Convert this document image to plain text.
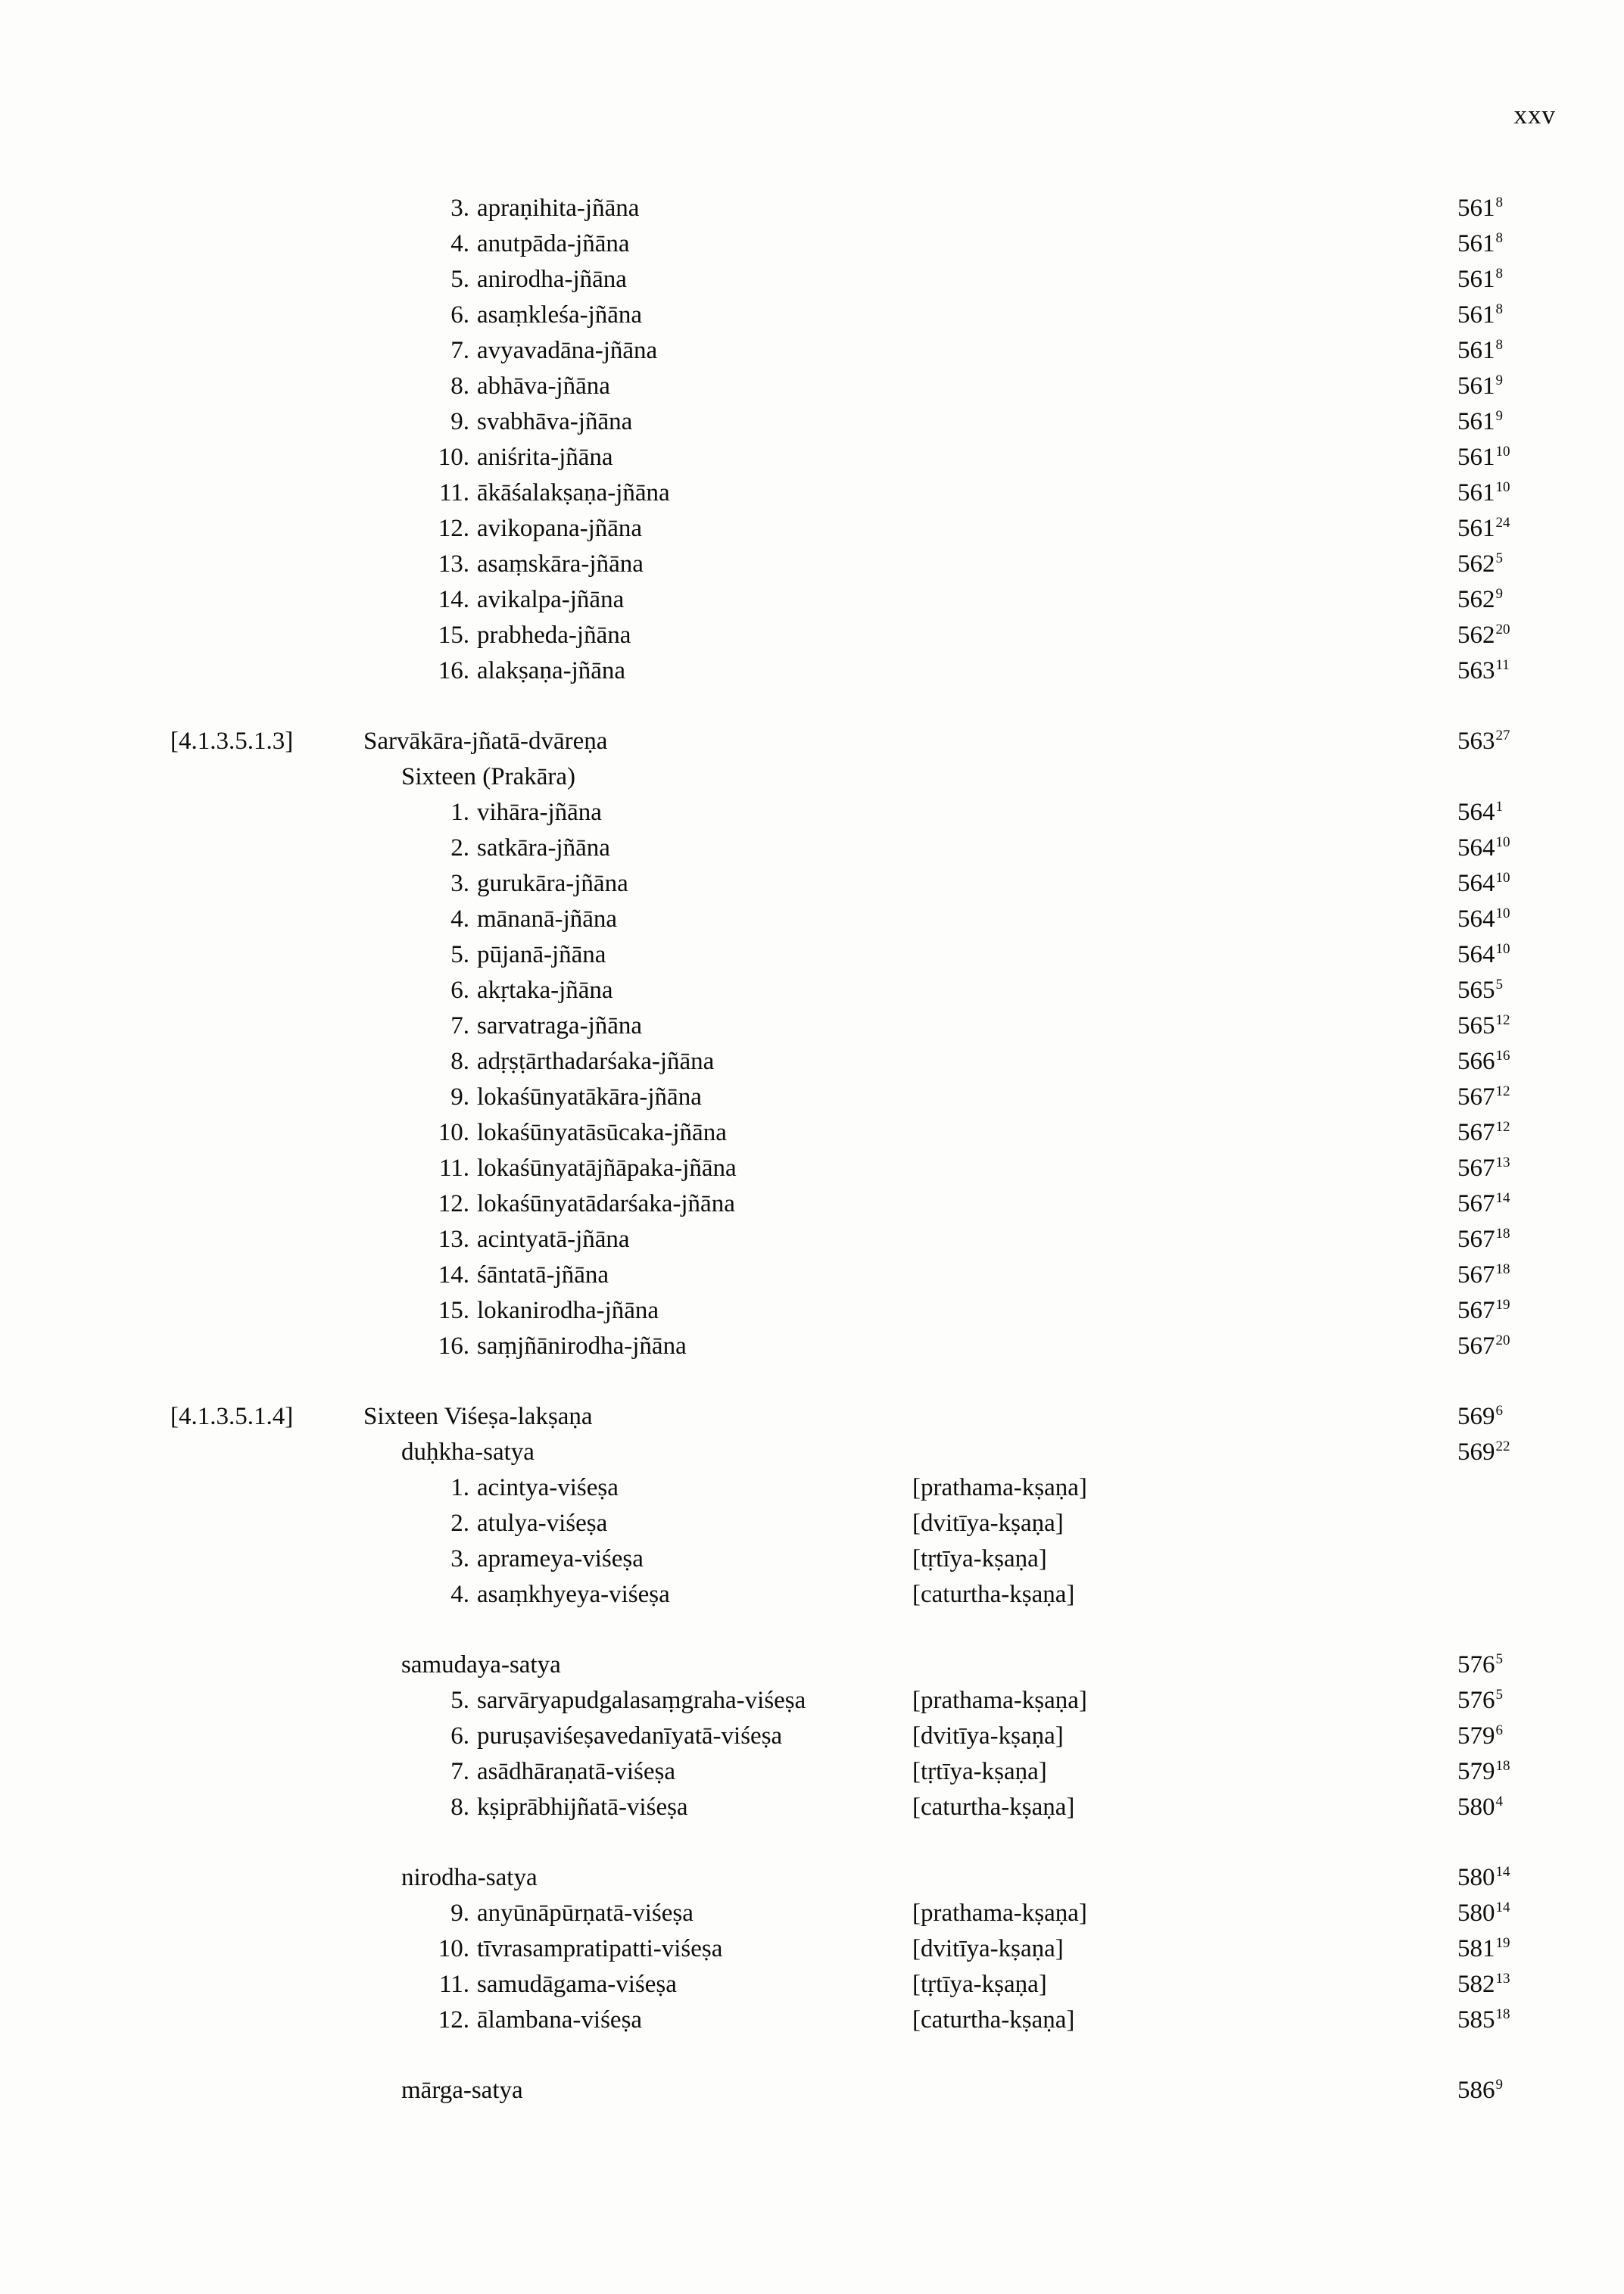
xxv
3. apraṇihita-jñāna	$561^8$
4. anutpāda-jñāna	$561^8$
5. anirodha-jñāna	$561^8$
6. asaṃkleśa-jñāna	$561^8$
7. avyavadāna-jñāna	$561^8$
8. abhāva-jñāna	$561^9$
9. svabhāva-jñāna	$561^9$
10. aniśrita-jñāna	$561^{10}$
11. ākāśalakṣaṇa-jñāna	$561^{10}$
12. avikopana-jñāna	$561^{24}$
13. asaṃskāra-jñāna	$562^5$
14. avikalpa-jñāna	$562^9$
15. prabheda-jñāna	$562^{20}$
16. alakṣaṇa-jñāna	$563^{11}$
[4.1.3.5.1.3]	Sarvākāra-jñatā-dvāreṇa	$563^{27}$
Sixteen (Prakāra)
1. vihāra-jñāna	$564^1$
2. satkāra-jñāna	$564^{10}$
3. gurukāra-jñāna	$564^{10}$
4. mānanā-jñāna	$564^{10}$
5. pūjanā-jñāna	$564^{10}$
6. akṛtaka-jñāna	$565^5$
7. sarvatraga-jñāna	$565^{12}$
8. adṛṣṭārthadarśaka-jñāna	$566^{16}$
9. lokaśūnyatākāra-jñāna	$567^{12}$
10. lokaśūnyatāsūcaka-jñāna	$567^{12}$
11. lokaśūnyatājñāpaka-jñāna	$567^{13}$
12. lokaśūnyatādarśaka-jñāna	$567^{14}$
13. acintyatā-jñāna	$567^{18}$
14. śāntatā-jñāna	$567^{18}$
15. lokanirodha-jñāna	$567^{19}$
16. saṃjñānirodha-jñāna	$567^{20}$
[4.1.3.5.1.4]	Sixteen Viśeṣa-lakṣaṇa	$569^6$
duḥkha-satya	$569^{22}$
1. acintya-viśeṣa	[prathama-kṣaṇa]
2. atulya-viśeṣa	[dvitīya-kṣaṇa]
3. aprameya-viśeṣa	[tṛtīya-kṣaṇa]
4. asaṃkhyeya-viśeṣa	[caturtha-kṣaṇa]
samudaya-satya	$576^5$
5. sarvāryapudgalasaṃgraha-viśeṣa	[prathama-kṣaṇa]	$576^5$
6. puruṣaviśeṣavedanīyatā-viśeṣa	[dvitīya-kṣaṇa]	$579^6$
7. asādhāraṇatā-viśeṣa	[tṛtīya-kṣaṇa]	$579^{18}$
8. kṣiprābhijñatā-viśeṣa	[caturtha-kṣaṇa]	$580^4$
nirodha-satya	$580^{14}$
9. anyūnāpūrṇatā-viśeṣa	[prathama-kṣaṇa]	$580^{14}$
10. tīvrasampratipatti-viśeṣa	[dvitīya-kṣaṇa]	$581^{19}$
11. samudāgama-viśeṣa	[tṛtīya-kṣaṇa]	$582^{13}$
12. ālambana-viśeṣa	[caturtha-kṣaṇa]	$585^{18}$
mārga-satya	$586^9$
